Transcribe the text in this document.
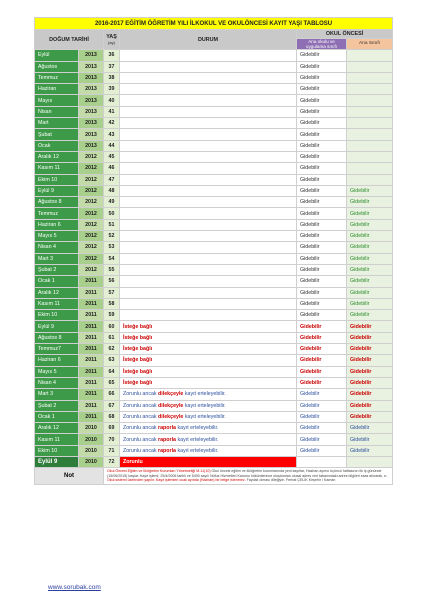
2016-2017 EĞİTİM ÖĞRETİM YILI İLKOKUL VE OKULÖNCESİ KAYIT YAŞI TABLOSU					
DOĞUM TARİHİ		YAŞ
(ay)	DURUM	OKUL ÖNCESİ	
				Ana okulu ve uygulama sınıfı	Ana Sınıfı
Eylül	2013	36		Gidebilir	
Ağustos	2013	37		Gidebilir	
Temmuz	2013	38		Gidebilir	
Haziran	2013	39		Gidebilir	
Mayıs	2013	40		Gidebilir	
Nisan	2013	41		Gidebilir	
Mart	2013	42		Gidebilir	
Şubat	2013	43		Gidebilir	
Ocak	2013	44		Gidebilir	
Aralık 12	2012	45		Gidebilir	
Kasım 11	2012	46		Gidebilir	
Ekim 10	2012	47		Gidebilir	
Eylül 9	2012	48		Gidebilir	Gidebilir
Ağustos 8	2012	49		Gidebilir	Gidebilir
Temmuz	2012	50		Gidebilir	Gidebilir
Haziran 6	2012	51		Gidebilir	Gidebilir
Mayıs 5	2012	52		Gidebilir	Gidebilir
Nisan 4	2012	53		Gidebilir	Gidebilir
Mart 3	2012	54		Gidebilir	Gidebilir
Şubat 2	2012	55		Gidebilir	Gidebilir
Ocak 1	2011	56		Gidebilir	Gidebilir
Aralık 12	2011	57		Gidebilir	Gidebilir
Kasım 11	2011	58		Gidebilir	Gidebilir
Ekim 10	2011	59		Gidebilir	Gidebilir
Eylül 9	2011	60	İsteğe bağlı	Gidebilir	Gidebilir
Ağustos 8	2011	61	İsteğe bağlı	Gidebilir	Gidebilir
Temmuz7	2011	62	İsteğe bağlı	Gidebilir	Gidebilir
Haziran 6	2011	63	İsteğe bağlı	Gidebilir	Gidebilir
Mayıs 5	2011	64	İsteğe bağlı	Gidebilir	Gidebilir
Nisan 4	2011	65	İsteğe bağlı	Gidebilir	Gidebilir
Mart 3	2011	66	Zorunlu ancak dilekçeyle kayıt erteleyebilir.	Gidebilir	Gidebilir
Şubat 2	2011	67	Zorunlu ancak dilekçeyle kayıt erteleyebilir.	Gidebilir	Gidebilir
Ocak 1	2011	68	Zorunlu ancak dilekçeyle kayıt erteleyebilir.	Gidebilir	Gidebilir
Aralık 12	2010	69	Zorunlu ancak raporla kayıt erteleyebilir.	Gidebilir	Gidebilir
Kasım 11	2010	70	Zorunlu ancak raporla kayıt erteleyebilir.	Gidebilir	Gidebilir
Ekim 10	2010	71	Zorunlu ancak raporla kayıt erteleyebilir.	Gidebilir	Gidebilir
Eylül 9	2010	72	Zorunlu		
Not		Okul Öncesi Eğitim ve İlköğretim Kurumları Yönetmeliği M-11(10) Okul öncesi eğitim ve ilköğretim kurumlarında yeni kayıtlar, Haziran ayının üçüncü haftasının ilk iş gününde (15/06/2015) başlar. Kayıt işlemi, 25/4/2006 tarihli ve 5490 sayılı Nüfus Hizmetleri Kanunu hükümlerince oluşturulan ulusal adres veri tabanındaki adres bilgileri esas alınarak, e-Okul sistemi üzerinden yapılır. Kayıt işlemleri ocak ayında (Haziran) bir belge istenmez. Faydalı olması dileğiyle. Ferhat ÇELİK Kirşehir / Kaman			
www.sorubak.com
